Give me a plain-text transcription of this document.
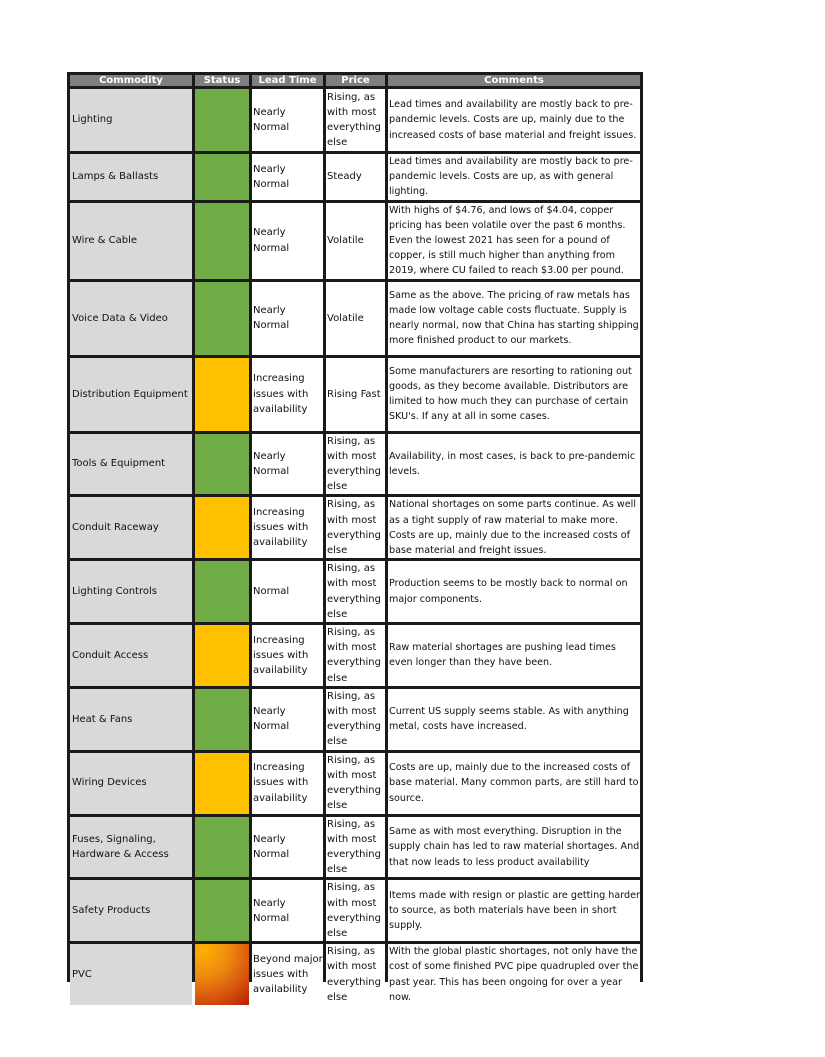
Commodity	Status	Lead Time	Price	Comments
Lighting		Nearly Normal	Rising, as with most everything else	Lead times and availability are mostly back to pre-pandemic levels. Costs are up, mainly due to the increased costs of base material and freight issues.
Lamps & Ballasts		Nearly Normal	Steady	Lead times and availability are mostly back to pre-pandemic levels. Costs are up, as with general lighting.
Wire & Cable		Nearly Normal	Volatile	With highs of $4.76, and lows of $4.04, copper pricing has been volatile over the past 6 months. Even the lowest 2021 has seen for a pound of copper, is still much higher than anything from 2019, where CU failed to reach $3.00 per pound.
Voice Data & Video		Nearly Normal	Volatile	Same as the above. The pricing of raw metals has made low voltage cable costs fluctuate. Supply is nearly normal, now that China has starting shipping more finished product to our markets.
Distribution Equipment		Increasing issues with availability	Rising Fast	Some manufacturers are resorting to rationing out goods, as they become available. Distributors are limited to how much they can purchase of certain SKU's. If any at all in some cases.
Tools & Equipment		Nearly Normal	Rising, as with most everything else	Availability, in most cases, is back to pre-pandemic levels.
Conduit Raceway		Increasing issues with availability	Rising, as with most everything else	National shortages on some parts continue. As well as a tight supply of raw material to make more. Costs are up, mainly due to the increased costs of base material and freight issues.
Lighting Controls		Normal	Rising, as with most everything else	Production seems to be mostly back to normal on major components.
Conduit Access		Increasing issues with availability	Rising, as with most everything else	Raw material shortages are pushing lead times even longer than they have been.
Heat & Fans		Nearly Normal	Rising, as with most everything else	Current US supply seems stable. As with anything metal, costs have increased.
Wiring Devices		Increasing issues with availability	Rising, as with most everything else	Costs are up, mainly due to the increased costs of base material. Many common parts, are still hard to source.
Fuses, Signaling, Hardware & Access		Nearly Normal	Rising, as with most everything else	Same as with most everything. Disruption in the supply chain has led to raw material shortages. And that now leads to less product availability
Safety Products		Nearly Normal	Rising, as with most everything else	Items made with resign or plastic are getting harder to source, as both materials have been in short supply.
PVC		Beyond major issues with availability	Rising, as with most everything else	With the global plastic shortages, not only have the cost of some finished PVC pipe quadrupled over the past year. This has been ongoing for over a year now.
